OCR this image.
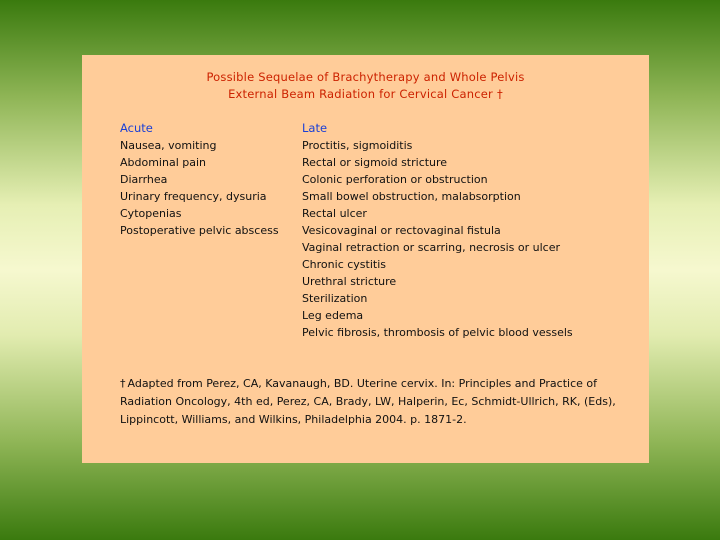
Possible Sequelae of Brachytherapy and Whole Pelvis
External Beam Radiation for Cervical Cancer †
Acute
Nausea, vomiting
Abdominal pain
Diarrhea
Urinary frequency, dysuria
Cytopenias
Postoperative pelvic abscess
Late
Proctitis, sigmoiditis
Rectal or sigmoid stricture
Colonic perforation or obstruction
Small bowel obstruction, malabsorption
Rectal ulcer
Vesicovaginal or rectovaginal fistula
Vaginal retraction or scarring, necrosis or ulcer
Chronic cystitis
Urethral stricture
Sterilization
Leg edema
Pelvic fibrosis, thrombosis of pelvic blood vessels
† Adapted from Perez, CA, Kavanaugh, BD. Uterine cervix. In: Principles and Practice of Radiation Oncology, 4th ed, Perez, CA, Brady, LW, Halperin, Ec, Schmidt-Ullrich, RK, (Eds), Lippincott, Williams, and Wilkins, Philadelphia 2004. p. 1871-2.
